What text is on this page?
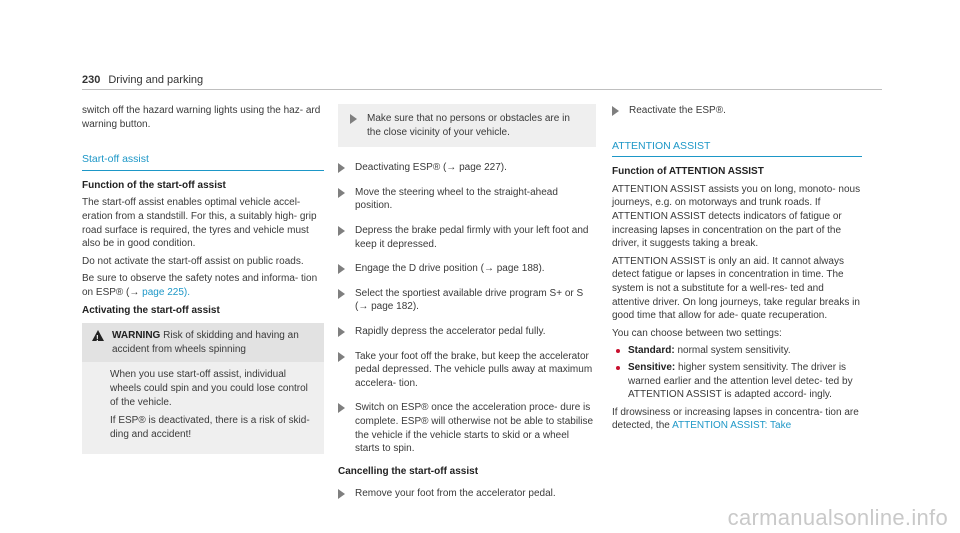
230 Driving and parking

switch off the hazard warning lights using the haz- ard warning button.

Start-off assist

Function of the start-off assist

The start-off assist enables optimal vehicle accel- eration from a standstill. For this, a suitably high- grip road surface is required, the tyres and vehicle must also be in good condition.

Do not activate the start-off assist on public roads.

Be sure to observe the safety notes and informa- tion on ESP® (→ page 225).

Activating the start-off assist

! WARNING Risk of skidding and having an accident from wheels spinning

When you use start-off assist, individual wheels could spin and you could lose control of the vehicle.

If ESP® is deactivated, there is a risk of skid- ding and accident!

Make sure that no persons or obstacles are in the close vicinity of your vehicle.
Deactivating ESP® (→ page 227).
Move the steering wheel to the straight-ahead position.
Depress the brake pedal firmly with your left foot and keep it depressed.
Engage the D drive position (→ page 188).
Select the sportiest available drive program S+ or S (→ page 182).
Rapidly depress the accelerator pedal fully.
Take your foot off the brake, but keep the accelerator pedal depressed. The vehicle pulls away at maximum accelera- tion.
Switch on ESP® once the acceleration proce- dure is complete. ESP® will otherwise not be able to stabilise the vehicle if the vehicle starts to skid or a wheel starts to spin.

Cancelling the start-off assist

Remove your foot from the accelerator pedal.
Reactivate the ESP®.
ATTENTION ASSIST

Function of ATTENTION ASSIST

ATTENTION ASSIST assists you on long, monoto- nous journeys, e.g. on motorways and trunk roads. If ATTENTION ASSIST detects indicators of fatigue or increasing lapses in concentration on the part of the driver, it suggests taking a break.

ATTENTION ASSIST is only an aid. It cannot always detect fatigue or lapses in concentration in time. The system is not a substitute for a well-res- ted and attentive driver. On long journeys, take regular breaks in good time that allow for ade- quate recuperation.

You can choose between two settings:

Standard: normal system sensitivity.
Sensitive: higher system sensitivity. The driver is warned earlier and the attention level detec- ted by ATTENTION ASSIST is adapted accord- ingly.

If drowsiness or increasing lapses in concentra- tion are detected, the ATTENTION ASSIST: Take

carmanualsonline.info
